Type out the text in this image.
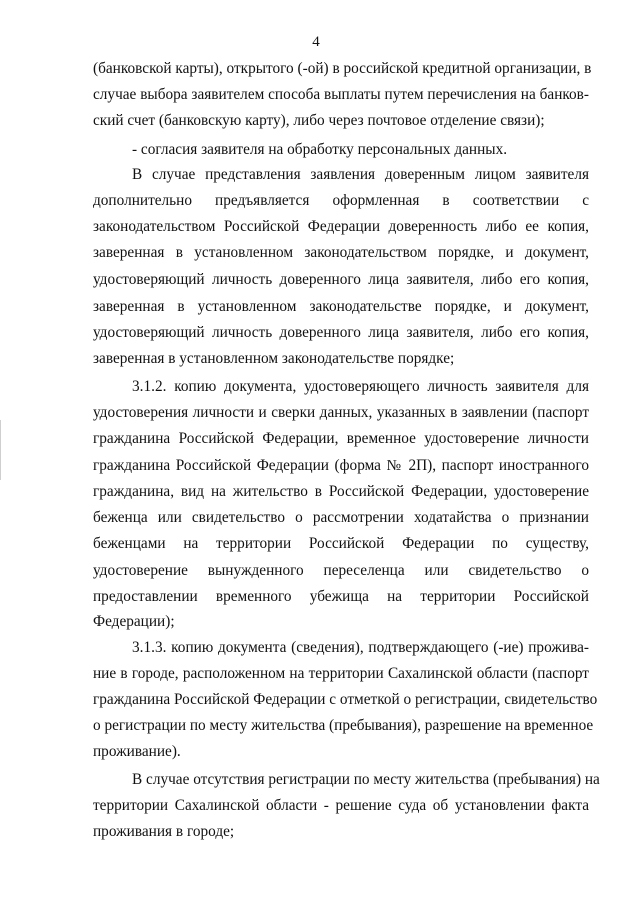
4
(банковской карты), открытого (-ой) в российской кредитной организации, в
случае выбора заявителем способа выплаты путем перечисления на банков-
ский счет (банковскую карту), либо через почтовое отделение связи);
- согласия заявителя на обработку персональных данных.
В случае представления заявления доверенным лицом заявителя
дополнительно предъявляется оформленная в соответствии с
законодательством Российской Федерации доверенность либо ее копия,
заверенная в установленном законодательством порядке, и документ,
удостоверяющий личность доверенного лица заявителя, либо его копия,
заверенная в установленном законодательстве порядке, и документ,
удостоверяющий личность доверенного лица заявителя, либо его копия,
заверенная в установленном законодательстве порядке;
3.1.2. копию документа, удостоверяющего личность заявителя для
удостоверения личности и сверки данных, указанных в заявлении (паспорт
гражданина Российской Федерации, временное удостоверение личности
гражданина Российской Федерации (форма № 2П), паспорт иностранного
гражданина, вид на жительство в Российской Федерации, удостоверение
беженца или свидетельство о рассмотрении ходатайства о признании
беженцами на территории Российской Федерации по существу,
удостоверение вынужденного переселенца или свидетельство о
предоставлении временного убежища на территории Российской
Федерации);
3.1.3. копию документа (сведения), подтверждающего (-ие) прожива-
ние в городе, расположенном на территории Сахалинской области (паспорт
гражданина Российской Федерации с отметкой о регистрации, свидетельство
о регистрации по месту жительства (пребывания), разрешение на временное
проживание).
В случае отсутствия регистрации по месту жительства (пребывания) на
территории Сахалинской области - решение суда об установлении факта
проживания в городе;
